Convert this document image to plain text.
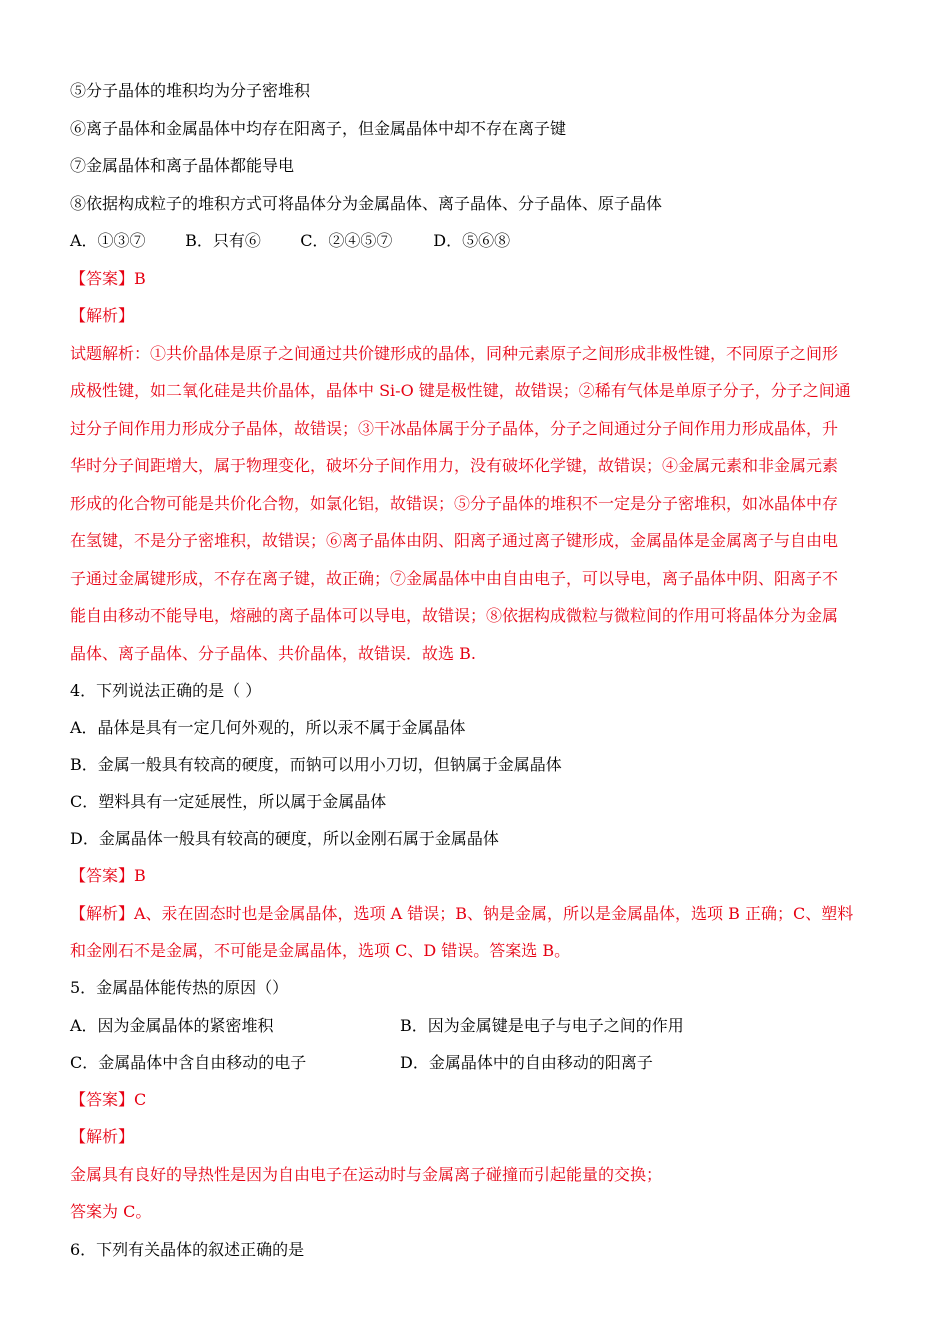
⑤分子晶体的堆积均为分子密堆积
⑥离子晶体和金属晶体中均存在阳离子，但金属晶体中却不存在离子键
⑦金属晶体和离子晶体都能导电
⑧依据构成粒子的堆积方式可将晶体分为金属晶体、离子晶体、分子晶体、原子晶体
A．①③⑦ B．只有⑥ C．②④⑤⑦	D．⑤⑥⑧
【答案】B
【解析】
试题解析：①共价晶体是原子之间通过共价键形成的晶体，同种元素原子之间形成非极性键，不同原子之间形
成极性键，如二氧化硅是共价晶体，晶体中 Si-O 键是极性键，故错误；②稀有气体是单原子分子，分子之间通
过分子间作用力形成分子晶体，故错误；③干冰晶体属于分子晶体，分子之间通过分子间作用力形成晶体，升
华时分子间距增大，属于物理变化，破坏分子间作用力，没有破坏化学键，故错误；④金属元素和非金属元素
形成的化合物可能是共价化合物，如氯化铝，故错误；⑤分子晶体的堆积不一定是分子密堆积，如冰晶体中存
在氢键，不是分子密堆积，故错误；⑥离子晶体由阴、阳离子通过离子键形成，金属晶体是金属离子与自由电
子通过金属键形成，不存在离子键，故正确；⑦金属晶体中由自由电子，可以导电，离子晶体中阴、阳离子不
能自由移动不能导电，熔融的离子晶体可以导电，故错误；⑧依据构成微粒与微粒间的作用可将晶体分为金属
晶体、离子晶体、分子晶体、共价晶体，故错误．故选 B.
4．下列说法正确的是（ ）
A．晶体是具有一定几何外观的，所以汞不属于金属晶体
B．金属一般具有较高的硬度，而钠可以用小刀切，但钠属于金属晶体
C．塑料具有一定延展性，所以属于金属晶体
D．金属晶体一般具有较高的硬度，所以金刚石属于金属晶体
【答案】B
【解析】A、汞在固态时也是金属晶体，选项 A 错误；B、钠是金属，所以是金属晶体，选项 B 正确；C、塑料
和金刚石不是金属，不可能是金属晶体，选项 C、D 错误。答案选 B。
5．金属晶体能传热的原因（）
A．因为金属晶体的紧密堆积	B．因为金属键是电子与电子之间的作用
C．金属晶体中含自由移动的电子	D．金属晶体中的自由移动的阳离子
【答案】C
【解析】
金属具有良好的导热性是因为自由电子在运动时与金属离子碰撞而引起能量的交换；
答案为 C。
6．下列有关晶体的叙述正确的是
